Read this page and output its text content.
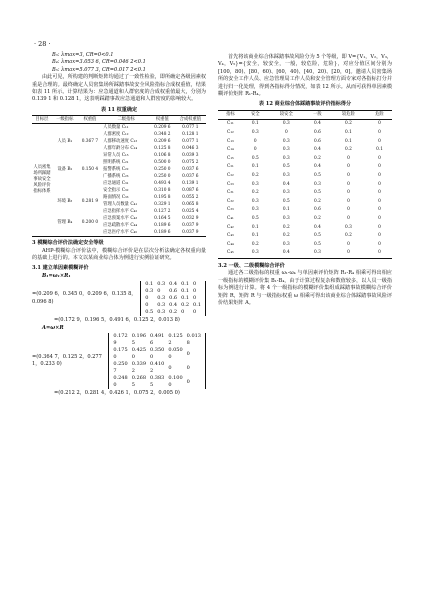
· 28 ·

B₃: λmax=3, CR=0<0.1

B₄: λmax=3.053 6, CR=0.046 2<0.1

B₅: λmax=5.077 3, CR=0.017 2<0.1

由此可见，所构建的判断矩阵均通过了一致性检验，即所确定各级因素权重是合理的。最终确定人员密集场所踩踏事故安全风险指标合成权重值，结果如表 11 所示。计算结果为：应急通道和人群密度的合成权重值最大，分别为 0.139 1 和 0.128 1，这表明踩踏事故应急通道和人群密度的影响较大。

表 11 权重确定
目标层	一级指标	权重值	二级指标	权重值	合成权重值
人员密集场所踩踏事故安全风险评价指标体系	人员 B₁	0.367 7	人员数量 C₁₁	0.209 6	0.077 1
			人群密度 C₁₂	0.348 2	0.128 1
			人群移动速度 C₁₃	0.209 6	0.077 1
			人群年龄分布 C₁₄	0.125 8	0.046 3
			异常人员 C₁₅	0.106 8	0.039 3
	设备 B₂	0.150 4	照明系统 C₂₁	0.500 0	0.075 2
			报警系统 C₂₂	0.250 0	0.037 6
			广播系统 C₂₃	0.250 0	0.037 6
			应急通道 C₃₁	0.493 4	0.139 1
			安全指示 C₃₂	0.310 8	0.087 6
	环境 B₃	0.281 9	路面情况 C₃₃	0.195 8	0.055 2
			管理人员数量 C₄₁	0.329 1	0.065 8
	管理 B₄	0.200 0	应急指挥水平 C₄₂	0.127 2	0.025 4
			应急预案水平 C₄₃	0.164 5	0.032 9
			应急疏散水平 C₄₄	0.189 6	0.037 9
			应急医疗水平 C₄₅	0.189 6	0.037 9

3 模糊综合评价法确定安全等级

AHP-模糊综合评价法中，模糊综合评价是在层次分析法确定各权重向量的基础上进行的。本文以某商业综合体为例进行实例验证研究。

3.1 建立单因素模糊评价

B₁=ω₁×R₁

=(0.209 6，0.345 0，0.209 6，0.135 8，0.096 8)
0.1	0.3	0.4	0.1	0
0.3	0	0.6	0.1	0
0	0.3	0.6	0.1	0
0	0.3	0.4	0.2	0.1
0.5	0.3	0.2	0	0

=(0.172 9，0.196 5，0.491 6，0.125 2，0.013 8)

A=ω×R

=(0.364 7，0.125 2，0.277 1，0.233 0)
0.172 9	0.196 5	0.491 6	0.125 2	0.013 8
0.175 0	0.425 0	0.350 0	0.050 0	0
0.250 7	0.339 2	0.410 2	0	0
0.248 0	0.268 5	0.383 5	0.100 0	0

=(0.212 2，0.281 4，0.426 1，0.075 2，0.005 0)

首先将该商业综合体踩踏事故风险分为 5 个等级，即 V={V₁，V₂，V₃，V₄，V₅}={安全，较安全，一般，较危险，危险}，对应分值区间分别为 [100，80)、[80，60)、[60，40)、[40，20)、[20，0]。邀请人员密集场所的安全工作人员、应急管理局工作人员和安全管理方面专家对各指标打分并进行归一化处理，得到各指标得分情况，如表 12 所示。从而可获得单因素模糊评价矩阵 R₁-R₄。

表 12 商业综合体踩踏事故评价指标得分
指标	安全	较安全	一般	较危险	危险
C₁₁	0.1	0.3	0.4	0.2	0
C₁₂	0.3	0	0.6	0.1	0
C₁₃	0	0.3	0.6	0.1	0
C₁₄	0	0.3	0.4	0.2	0.1
C₁₅	0.5	0.3	0.2	0	0
C₂₁	0.1	0.5	0.4	0	0
C₂₂	0.2	0.3	0.5	0	0
C₂₃	0.3	0.4	0.3	0	0
C₃₁	0.2	0.3	0.5	0	0
C₃₂	0.3	0.5	0.2	0	0
C₃₃	0.3	0.1	0.6	0	0
C₄₁	0.5	0.3	0.2	0	0
C₄₂	0.1	0.2	0.4	0.3	0
C₄₃	0.1	0.2	0.5	0.2	0
C₄₄	0.2	0.3	0.5	0	0
C₄₅	0.3	0.4	0.3	0	0

3.2 一级、二级模糊综合评价

通过各二级指标的权重 ω₁-ω₄ 与单因素评价矩阵 R₁-R₄ 相乘可得出相应一级指标的模糊评价集 B₁-B₄，由于计算过程复杂和数值较多，以人员一级指标为例进行计算。将 4 个一级指标的模糊评价集组成踩踏事故模糊综合评价矩阵 R，矩阵 R 与一级指标权重 ω 相乘可得出该商业综合体踩踏事故风险评价结果矩阵 A。
